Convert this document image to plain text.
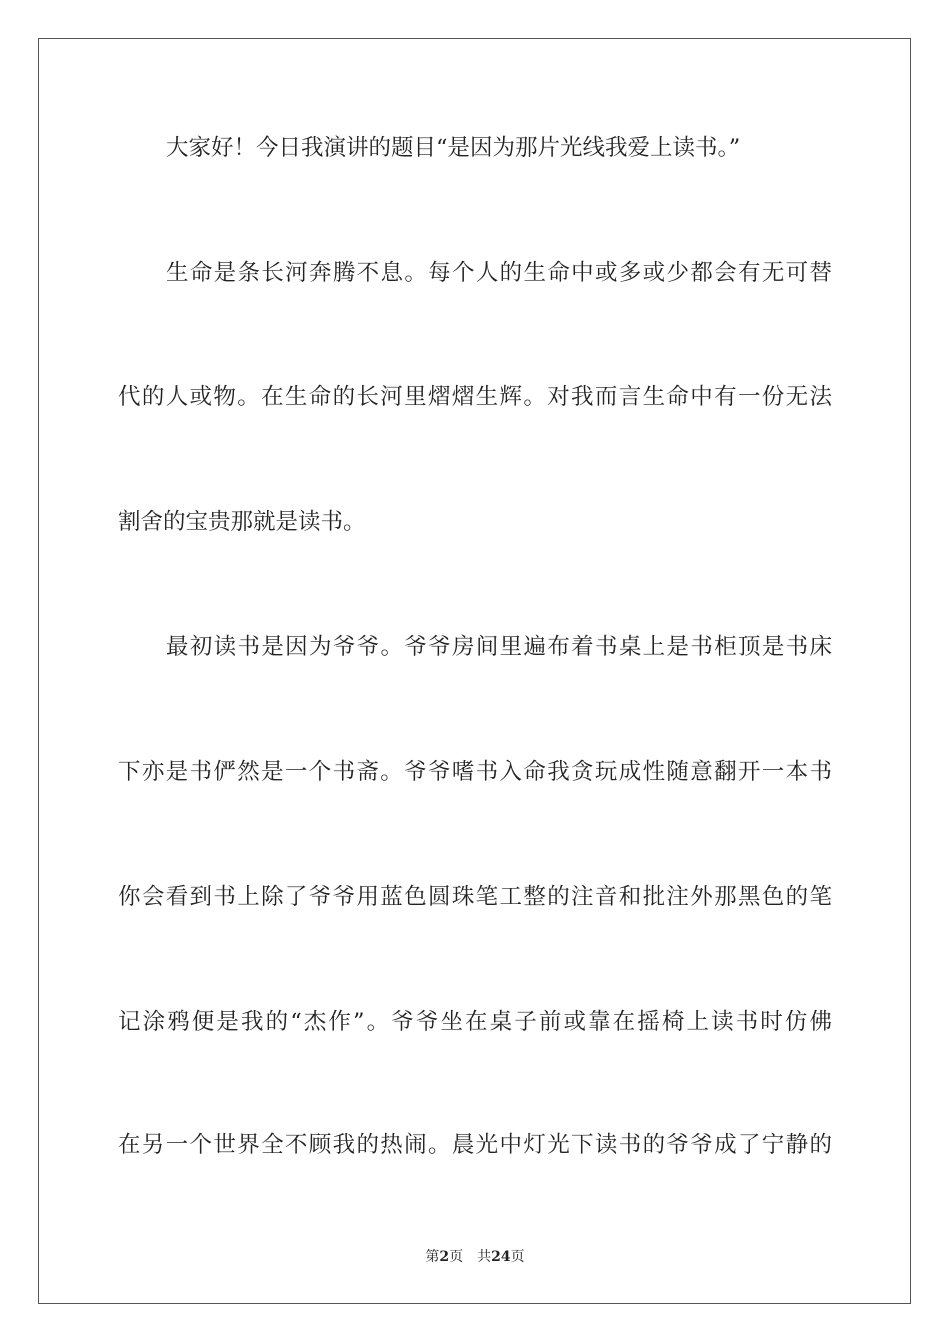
大家好！今日我演讲的题目“是因为那片光线我爱上读书。”
生命是条长河奔腾不息。每个人的生命中或多或少都会有无可替
代的人或物。在生命的长河里熠熠生辉。对我而言生命中有一份无法
割舍的宝贵那就是读书。
最初读书是因为爷爷。爷爷房间里遍布着书桌上是书柜顶是书床
下亦是书俨然是一个书斋。爷爷嗜书入命我贪玩成性随意翻开一本书
你会看到书上除了爷爷用蓝色圆珠笔工整的注音和批注外那黑色的笔
记涂鸦便是我的“杰作”。爷爷坐在桌子前或靠在摇椅上读书时仿佛
在另一个世界全不顾我的热闹。晨光中灯光下读书的爷爷成了宁静的
第2页 共24页
